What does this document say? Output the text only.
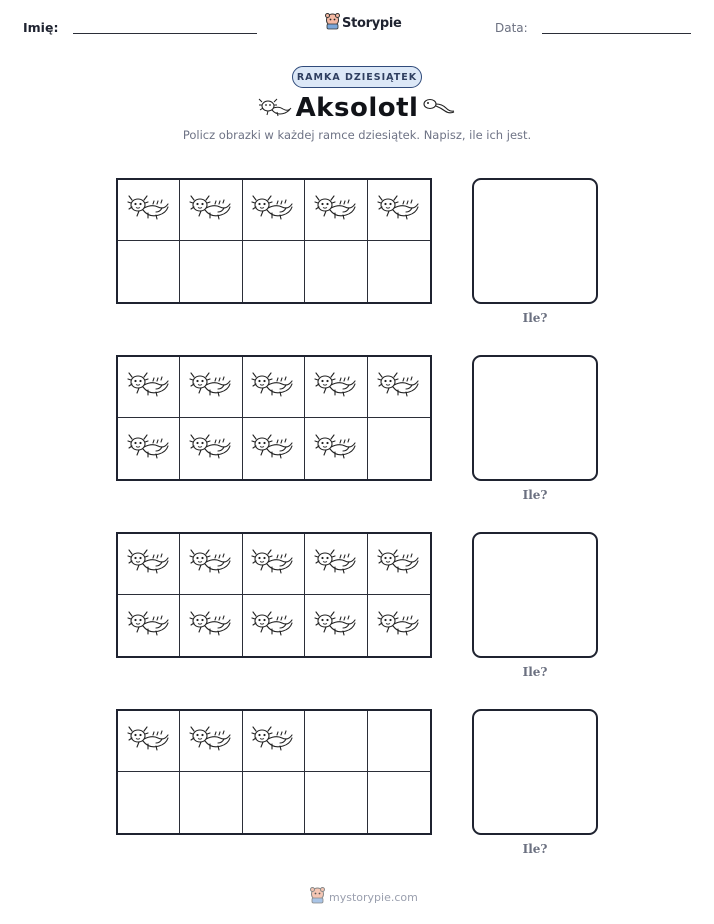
Imię:	Storypie	Data:
RAMKA DZIESIĄTEK
Aksolotl
Policz obrazki w każdej ramce dziesiątek. Napisz, ile ich jest.
Ile?
Ile?
Ile?
Ile?
mystorypie.com
